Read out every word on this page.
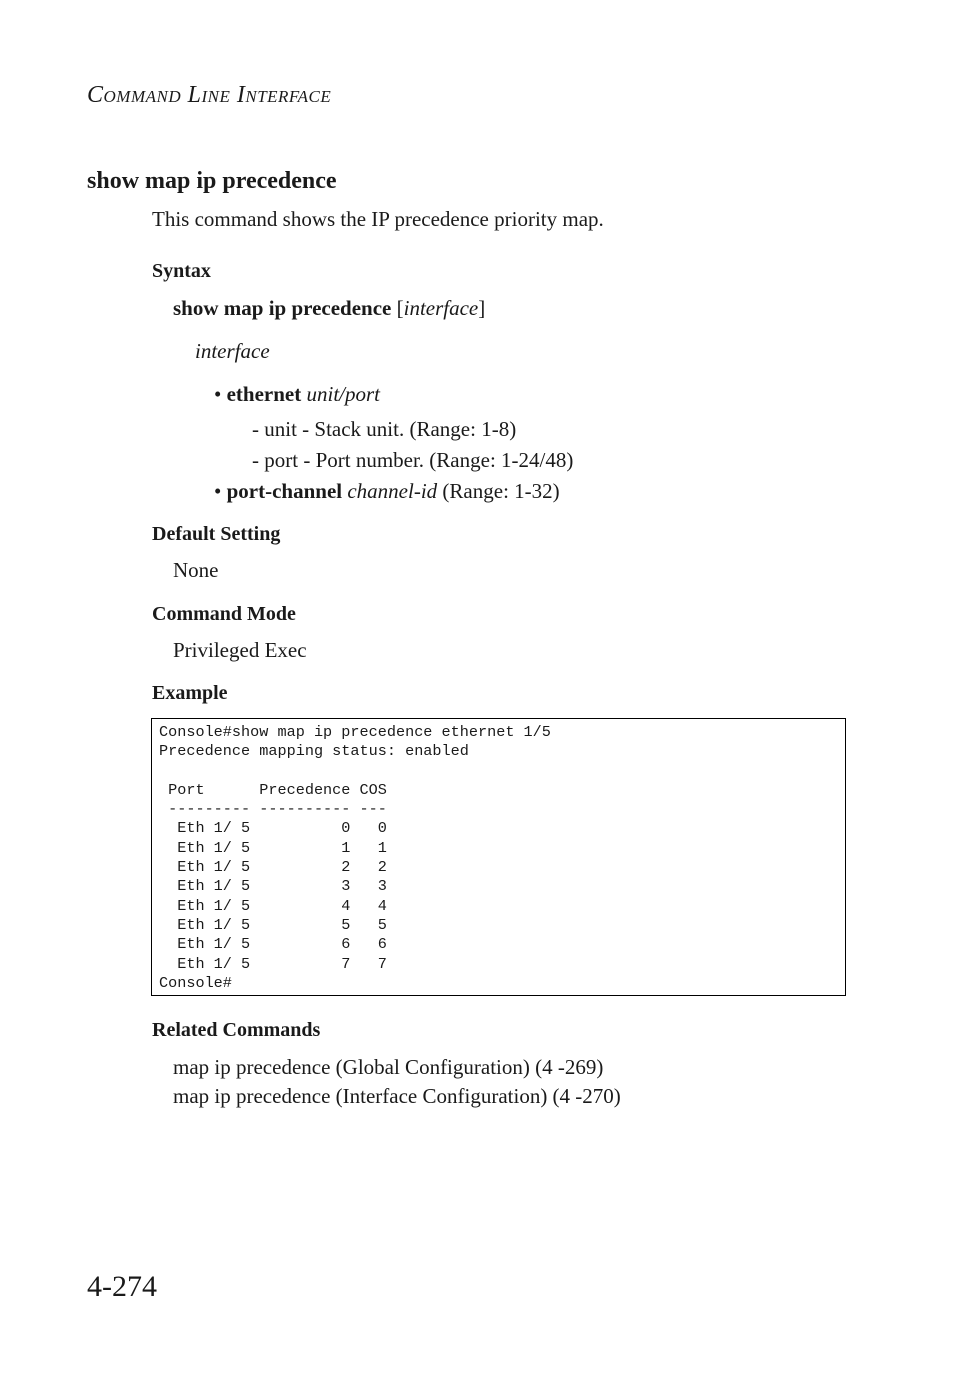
COMMAND LINE INTERFACE
show map ip precedence
This command shows the IP precedence priority map.
Syntax
show map ip precedence [interface]
interface
• ethernet unit/port
- unit - Stack unit. (Range: 1-8)
- port - Port number. (Range: 1-24/48)
• port-channel channel-id (Range: 1-32)
Default Setting
None
Command Mode
Privileged Exec
Example
Console#show map ip precedence ethernet 1/5
Precedence mapping status: enabled

Port      Precedence COS
--------- ---------- ---
Eth 1/ 5          0   0
Eth 1/ 5          1   1
Eth 1/ 5          2   2
Eth 1/ 5          3   3
Eth 1/ 5          4   4
Eth 1/ 5          5   5
Eth 1/ 5          6   6
Eth 1/ 5          7   7
Console#
Related Commands
map ip precedence (Global Configuration) (4 -269)
map ip precedence (Interface Configuration) (4 -270)
4-274
